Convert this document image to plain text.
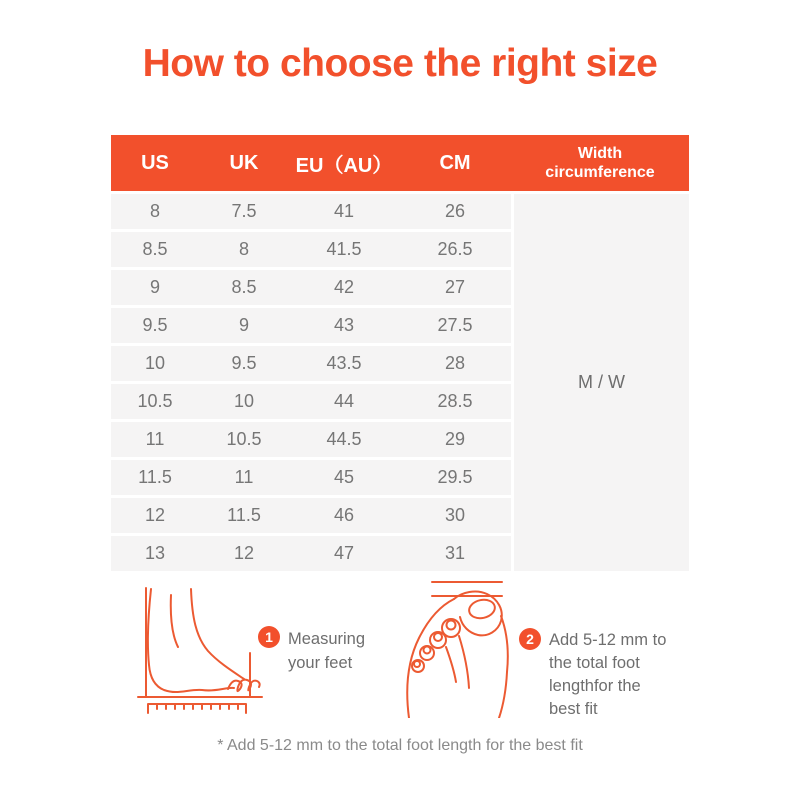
How to choose the right size
US	UK	EU（AU）	CM	Width
circumference
8	7.5	41	26
8.5	8	41.5	26.5
9	8.5	42	27
9.5	9	43	27.5
10	9.5	43.5	28
10.5	10	44	28.5
11	10.5	44.5	29
11.5	11	45	29.5
12	11.5	46	30
13	12	47	31
M / W
1 Measuring
your feet
2 Add 5-12 mm to
the total foot
lengthfor the
best fit
* Add 5-12 mm to the total foot length for the best fit
